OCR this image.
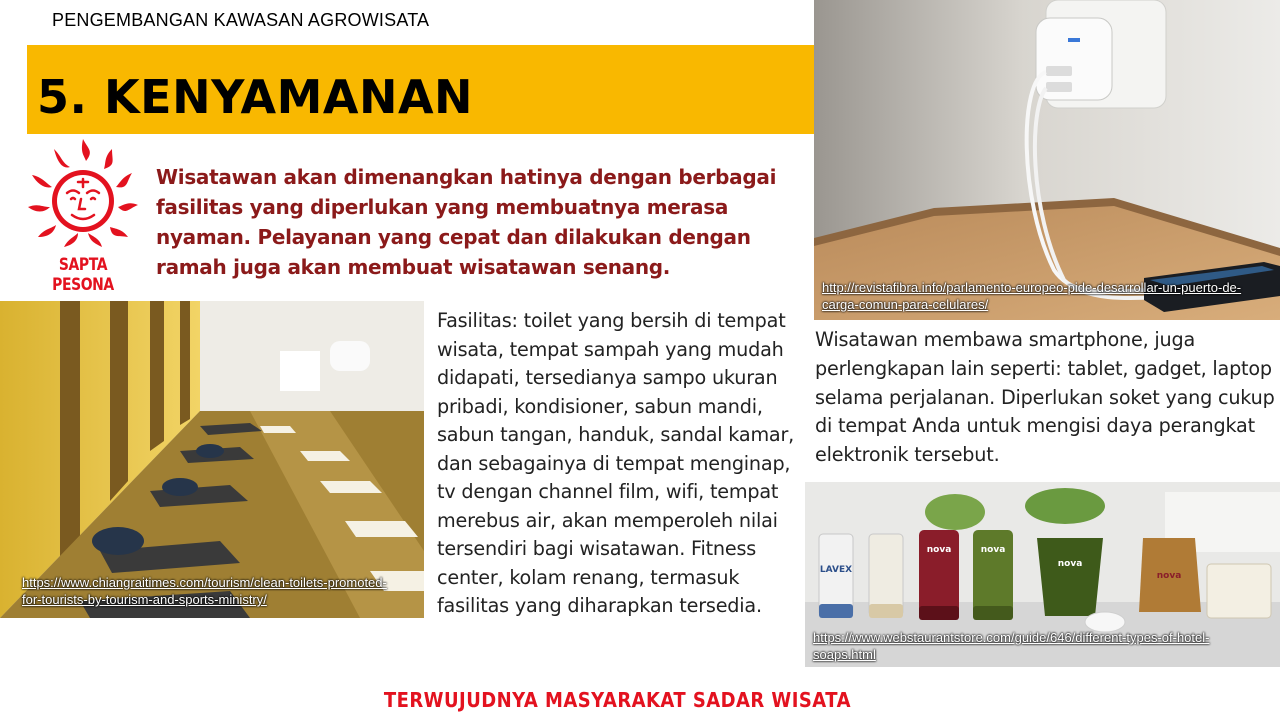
PENGEMBANGAN KAWASAN AGROWISATA
5. KENYAMANAN
SAPTA PESONA
Wisatawan akan dimenangkan hatinya dengan berbagai fasilitas yang diperlukan yang membuatnya merasa nyaman. Pelayanan yang cepat dan dilakukan dengan ramah juga akan membuat wisatawan senang.
http://revistafibra.info/parlamento-europeo-pide-desarrollar-un-puerto-de-carga-comun-para-celulares/
https://www.chiangraitimes.com/tourism/clean-toilets-promoted-for-tourists-by-tourism-and-sports-ministry/
Fasilitas: toilet yang bersih di tempat wisata, tempat sampah yang mudah didapati, tersedianya sampo ukuran pribadi, kondisioner, sabun mandi, sabun tangan, handuk, sandal kamar, dan sebagainya di tempat menginap, tv dengan channel film, wifi, tempat merebus air, akan memperoleh nilai tersendiri bagi wisatawan. Fitness center, kolam renang, termasuk fasilitas yang diharapkan tersedia.
Wisatawan membawa smartphone, juga perlengkapan lain seperti: tablet, gadget, laptop selama perjalanan. Diperlukan soket yang cukup di tempat Anda untuk mengisi daya perangkat elektronik tersebut.
LAVEX
nova	nova
nova
nova
https://www.webstaurantstore.com/guide/646/different-types-of-hotel-soaps.html
TERWUJUDNYA MASYARAKAT SADAR WISATA
